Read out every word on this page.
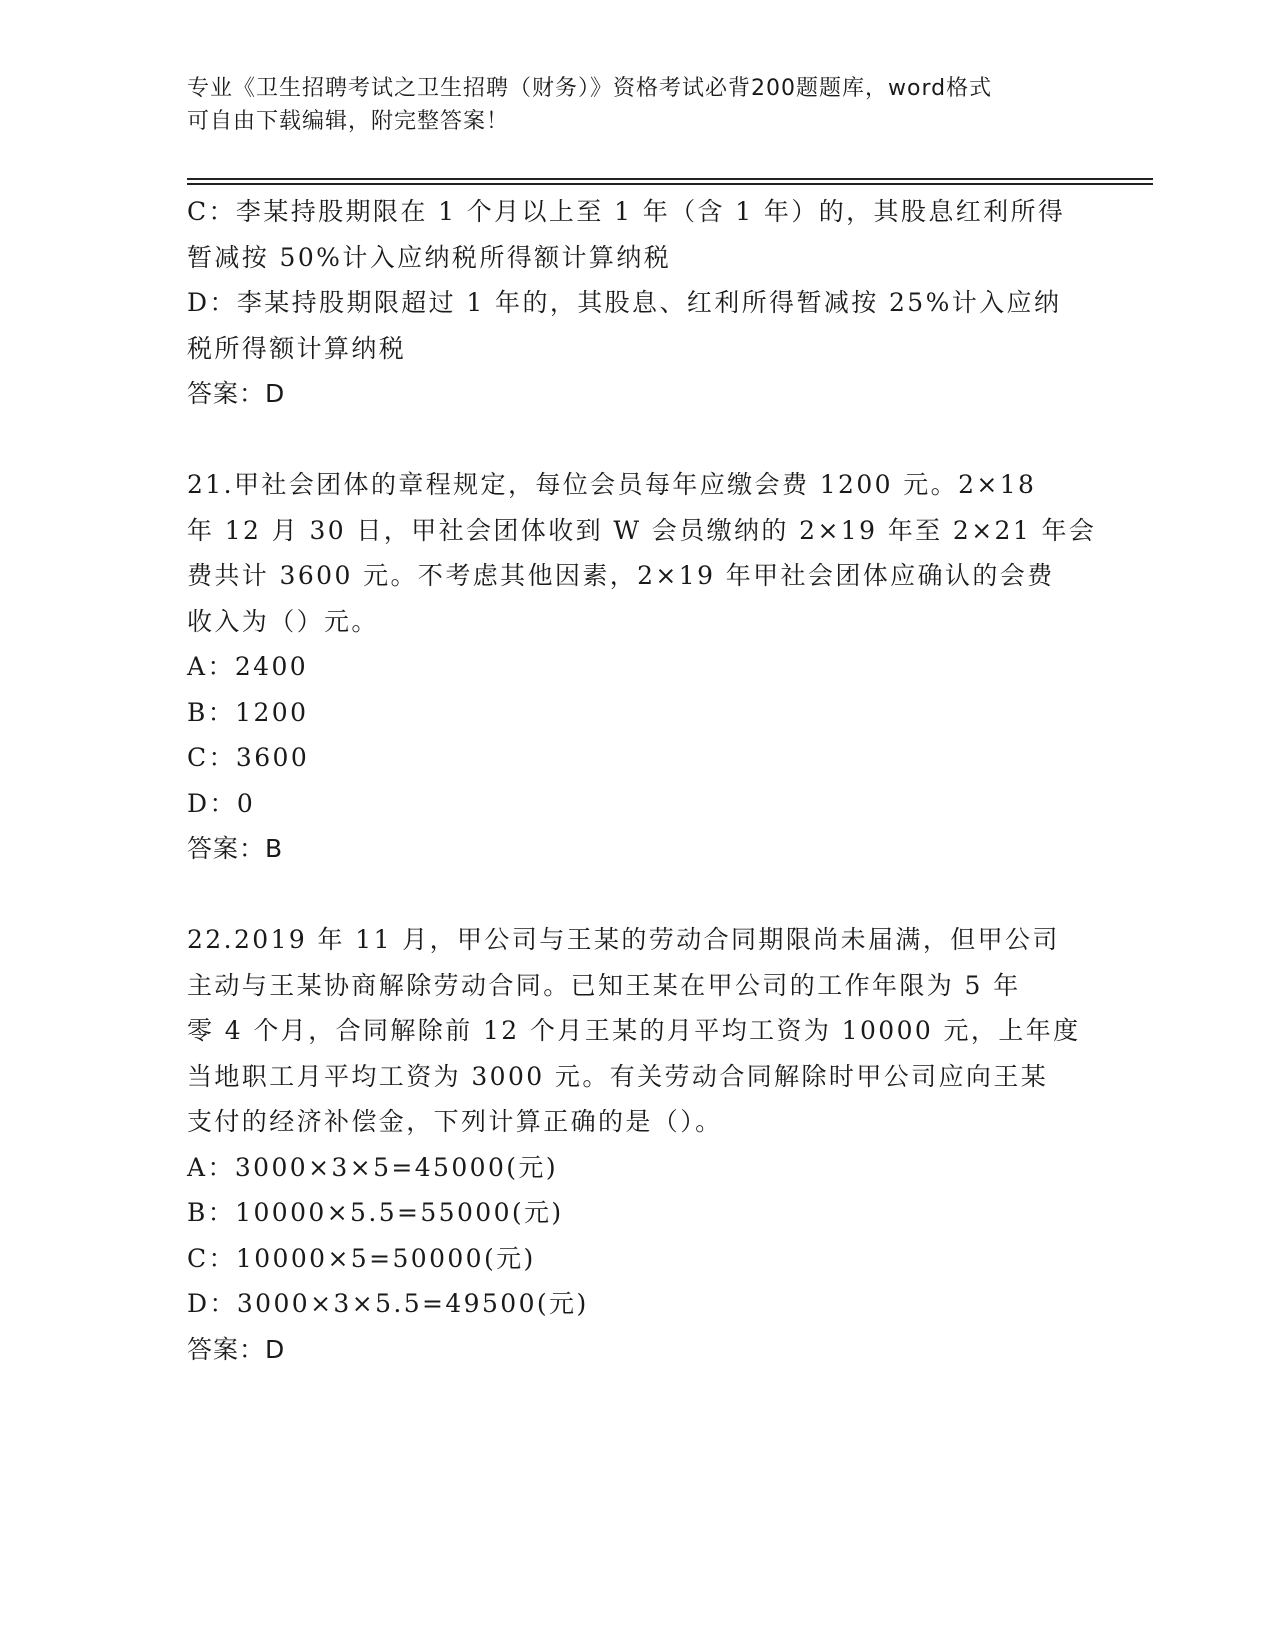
专业《卫生招聘考试之卫生招聘（财务）》资格考试必背200题题库，word格式
可自由下载编辑，附完整答案！
C：李某持股期限在 1 个月以上至 1 年（含 1 年）的，其股息红利所得
暂减按 50%计入应纳税所得额计算纳税
D：李某持股期限超过 1 年的，其股息、红利所得暂减按 25%计入应纳
税所得额计算纳税
答案：D
21.甲社会团体的章程规定，每位会员每年应缴会费 1200 元。2×18
年 12 月 30 日，甲社会团体收到 W 会员缴纳的 2×19 年至 2×21 年会
费共计 3600 元。不考虑其他因素，2×19 年甲社会团体应确认的会费
收入为（）元。
A：2400
B：1200
C：3600
D：0
答案：B
22.2019 年 11 月，甲公司与王某的劳动合同期限尚未届满，但甲公司
主动与王某协商解除劳动合同。已知王某在甲公司的工作年限为 5 年
零 4 个月，合同解除前 12 个月王某的月平均工资为 10000 元，上年度
当地职工月平均工资为 3000 元。有关劳动合同解除时甲公司应向王某
支付的经济补偿金，下列计算正确的是（）。
A：3000×3×5=45000(元)
B：10000×5.5=55000(元)
C：10000×5=50000(元)
D：3000×3×5.5=49500(元)
答案：D
